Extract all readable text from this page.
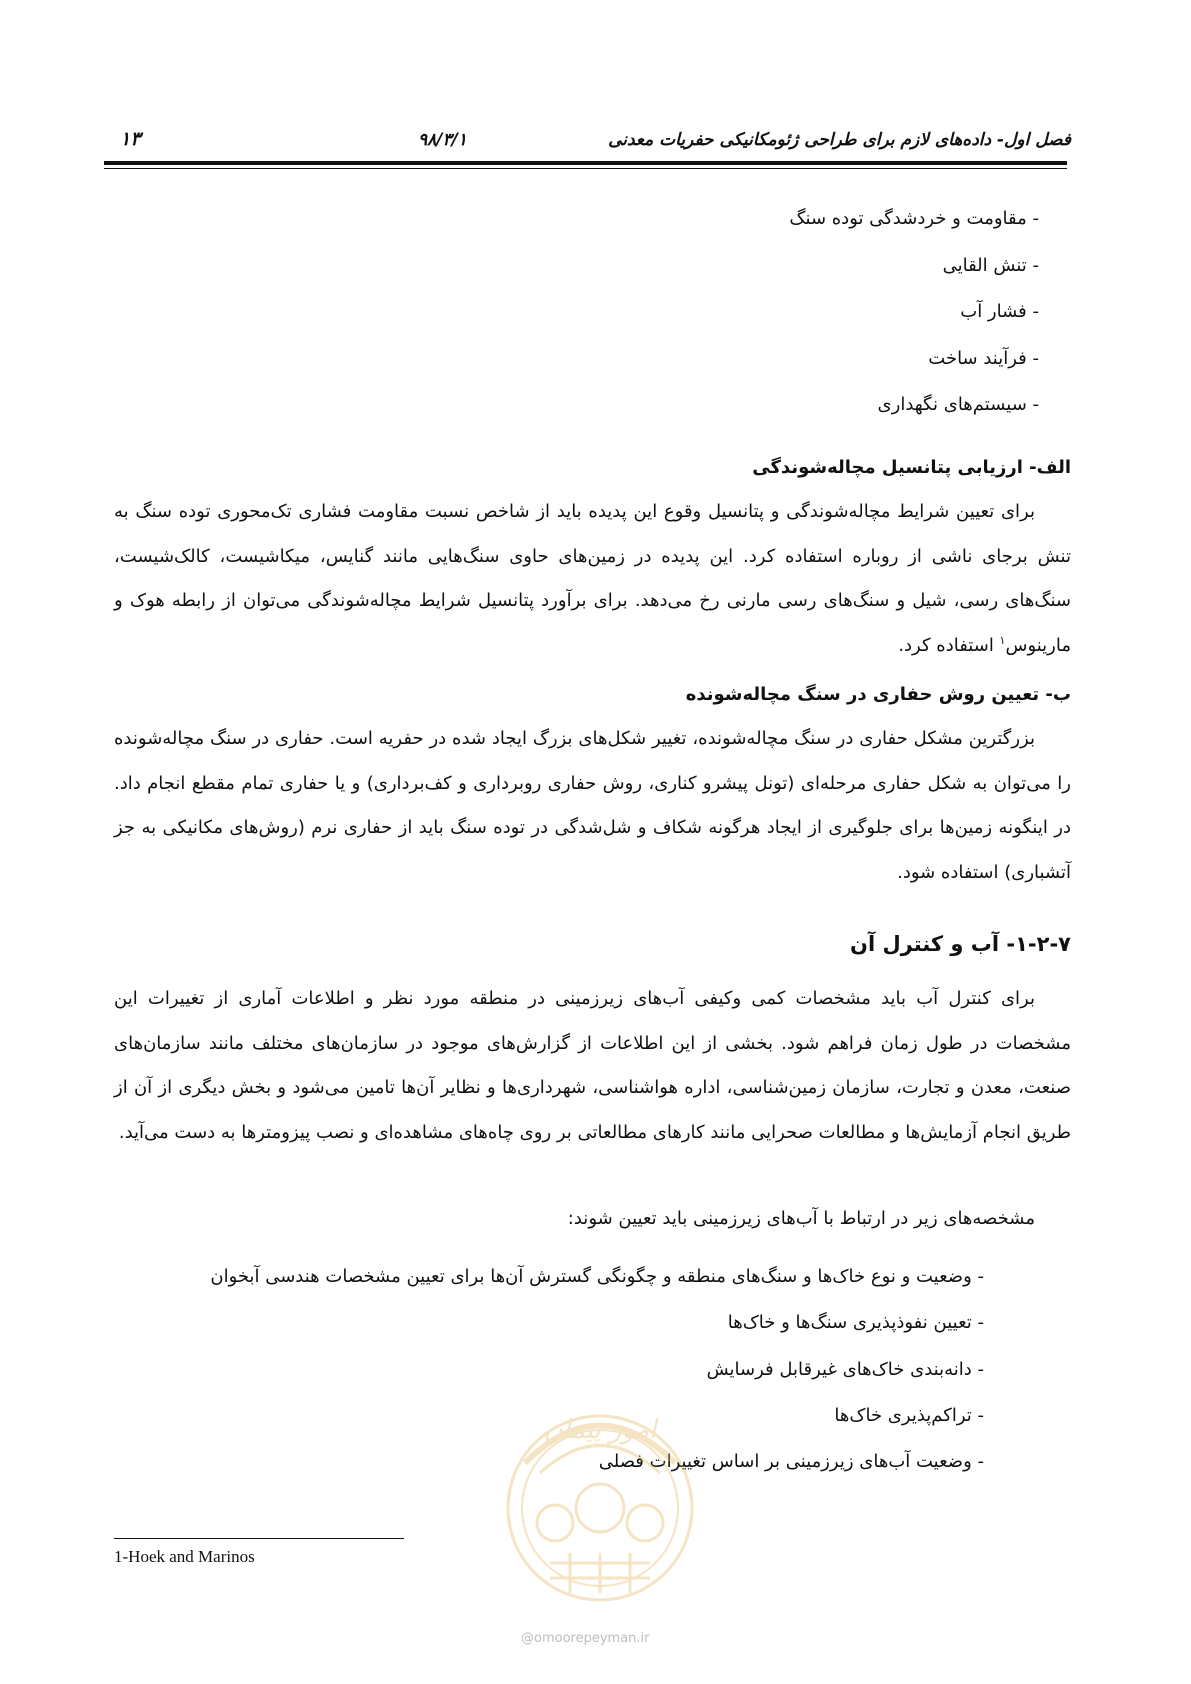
فصل اول- داده‌های لازم برای طراحی ژئومکانیکی حفریات معدنی
۹۸/۳/۱
۱۳
- مقاومت و خردشدگی توده سنگ
- تنش القایی
- فشار آب
- فرآیند ساخت
- سیستم‌های نگهداری
الف- ارزیابی پتانسیل مچاله‌شوندگی

برای تعیین شرایط مچاله‌شوندگی و پتانسیل وقوع این پدیده باید از شاخص نسبت مقاومت فشاری تک‌محوری توده سنگ به تنش برجای ناشی از روباره استفاده کرد. این پدیده در زمین‌های حاوی سنگ‌هایی مانند گنایس، میکاشیست، کالک‌شیست، سنگ‌های رسی، شیل و سنگ‌های رسی مارنی رخ می‌دهد. برای برآورد پتانسیل شرایط مچاله‌شوندگی می‌توان از رابطه هوک و مارینوس$^۱$ استفاده کرد.

ب- تعیین روش حفاری در سنگ مچاله‌شونده

بزرگترین مشکل حفاری در سنگ مچاله‌شونده، تغییر شکل‌های بزرگ ایجاد شده در حفریه است. حفاری در سنگ مچاله‌شونده را می‌توان به شکل حفاری مرحله‌ای (تونل پیشرو کناری، روش حفاری روبرداری و کف‌برداری) و یا حفاری تمام مقطع انجام داد. در اینگونه زمین‌ها برای جلوگیری از ایجاد هرگونه شکاف و شل‌شدگی در توده سنگ باید از حفاری نرم (روش‌های مکانیکی به جز آتشباری) استفاده شود.

۱-۲-۷- آب و کنترل آن

برای کنترل آب باید مشخصات کمی وکیفی آب‌های زیرزمینی در منطقه مورد نظر و اطلاعات آماری از تغییرات این مشخصات در طول زمان فراهم شود. بخشی از این اطلاعات از گزارش‌های موجود در سازمان‌های مختلف مانند سازمان‌های صنعت، معدن و تجارت، سازمان زمین‌شناسی، اداره هواشناسی، شهرداری‌ها و نظایر آن‌ها تامین می‌شود و بخش دیگری از آن از طریق انجام آزمایش‌ها و مطالعات صحرایی مانند کارهای مطالعاتی بر روی چاه‌های مشاهده‌ای و نصب پیزومترها به دست می‌آید.

مشخصه‌های زیر در ارتباط با آب‌های زیرزمینی باید تعیین شوند:
- وضعیت و نوع خاک‌ها و سنگ‌های منطقه و چگونگی گسترش آن‌ها برای تعیین مشخصات هندسی آبخوان
- تعیین نفوذپذیری سنگ‌ها و خاک‌ها
- دانه‌بندی خاک‌های غیرقابل فرسایش
- تراکم‌پذیری خاک‌ها
- وضعیت آب‌های زیرزمینی بر اساس تغییرات فصلی
1-Hoek and Marinos
امور پیمان
@omoorepeyman.ir
